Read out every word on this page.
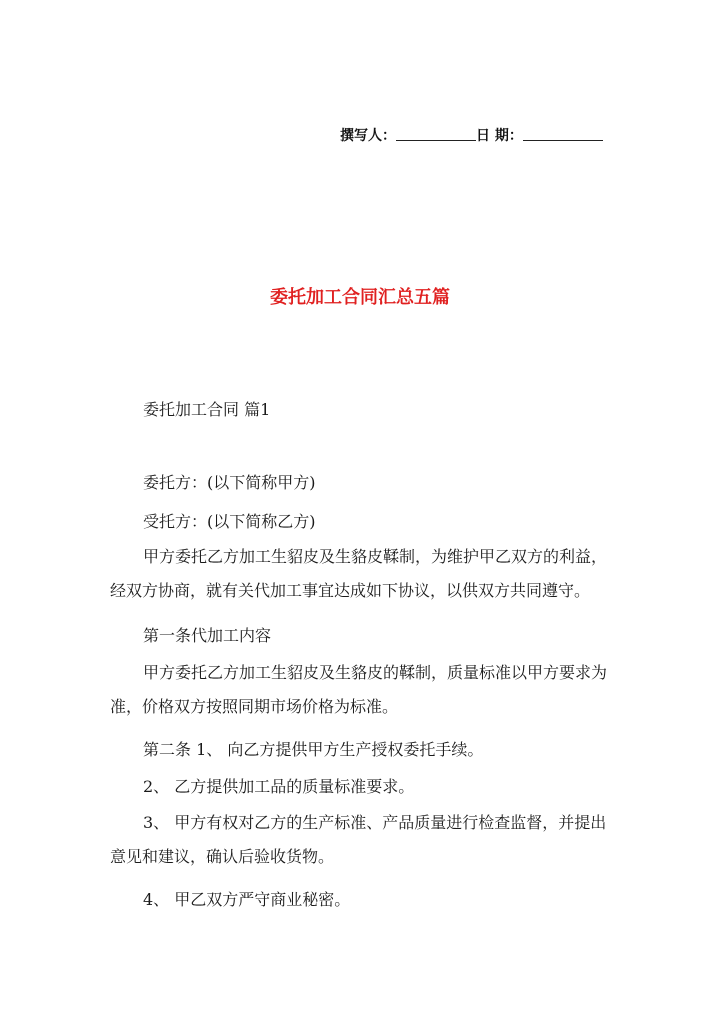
撰写人：	日 期：
委托加工合同汇总五篇
委托加工合同 篇1
委托方：(以下简称甲方)
受托方：(以下简称乙方)
甲方委托乙方加工生貂皮及生貉皮鞣制，为维护甲乙双方的利益，经双方协商，就有关代加工事宜达成如下协议，以供双方共同遵守。
第一条代加工内容
甲方委托乙方加工生貂皮及生貉皮的鞣制，质量标准以甲方要求为准，价格双方按照同期市场价格为标准。
第二条 1、 向乙方提供甲方生产授权委托手续。
2、 乙方提供加工品的质量标准要求。
3、 甲方有权对乙方的生产标准、产品质量进行检查监督，并提出意见和建议，确认后验收货物。
4、 甲乙双方严守商业秘密。
